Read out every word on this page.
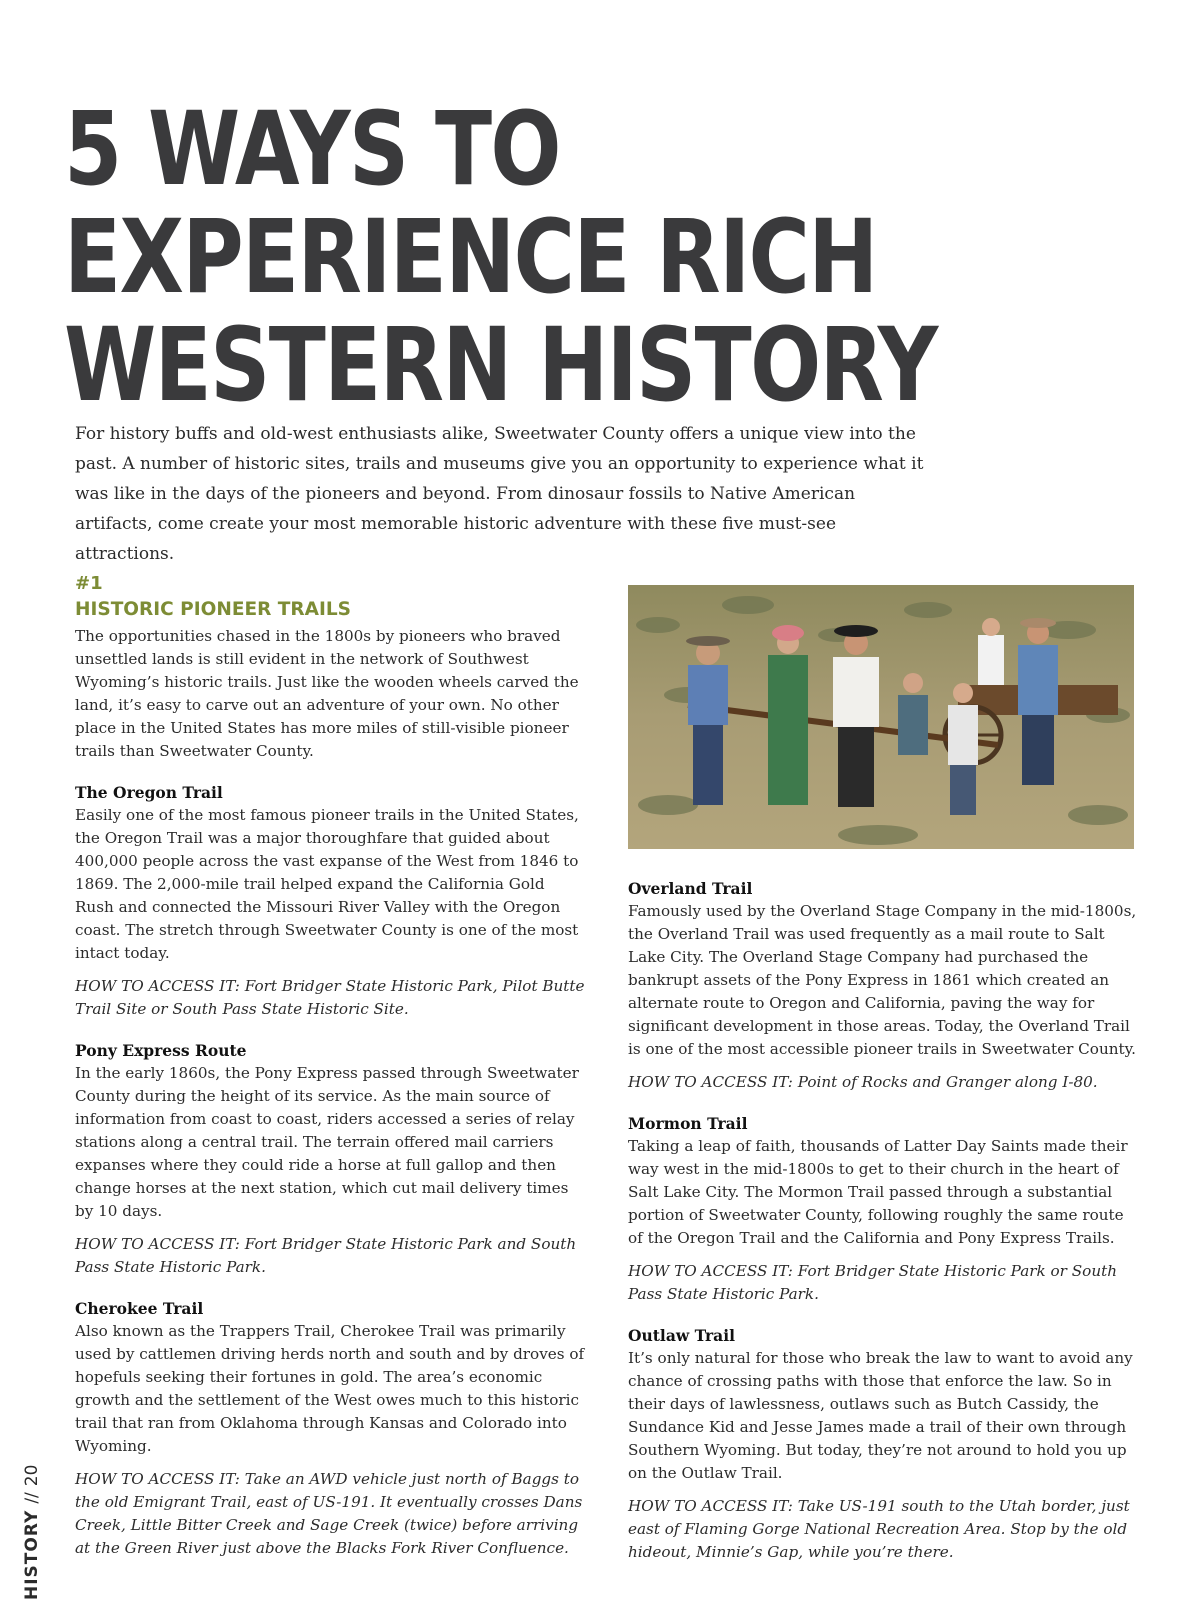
5 WAYS TO
EXPERIENCE RICH
WESTERN HISTORY

For history buffs and old-west enthusiasts alike, Sweetwater County offers a unique view into the past. A number of historic sites, trails and museums give you an opportunity to experience what it was like in the days of the pioneers and beyond. From dinosaur fossils to Native American artifacts, come create your most memorable historic adventure with these five must-see attractions.

#1
HISTORIC PIONEER TRAILS

The opportunities chased in the 1800s by pioneers who braved unsettled lands is still evident in the network of Southwest Wyoming’s historic trails. Just like the wooden wheels carved the land, it’s easy to carve out an adventure of your own. No other place in the United States has more miles of still-visible pioneer trails than Sweetwater County.

The Oregon Trail

Easily one of the most famous pioneer trails in the United States, the Oregon Trail was a major thoroughfare that guided about 400,000 people across the vast expanse of the West from 1846 to 1869. The 2,000-mile trail helped expand the California Gold Rush and connected the Missouri River Valley with the Oregon coast. The stretch through Sweetwater County is one of the most intact today.

HOW TO ACCESS IT: Fort Bridger State Historic Park, Pilot Butte Trail Site or South Pass State Historic Site.

Pony Express Route

In the early 1860s, the Pony Express passed through Sweetwater County during the height of its service. As the main source of information from coast to coast, riders accessed a series of relay stations along a central trail. The terrain offered mail carriers expanses where they could ride a horse at full gallop and then change horses at the next station, which cut mail delivery times by 10 days.

HOW TO ACCESS IT: Fort Bridger State Historic Park and South Pass State Historic Park.

Cherokee Trail

Also known as the Trappers Trail, Cherokee Trail was primarily used by cattlemen driving herds north and south and by droves of hopefuls seeking their fortunes in gold. The area’s economic growth and the settlement of the West owes much to this historic trail that ran from Oklahoma through Kansas and Colorado into Wyoming.

HOW TO ACCESS IT: Take an AWD vehicle just north of Baggs to the old Emigrant Trail, east of US-191. It eventually crosses Dans Creek, Little Bitter Creek and Sage Creek (twice) before arriving at the Green River just above the Blacks Fork River Confluence.

Overland Trail

Famously used by the Overland Stage Company in the mid-1800s, the Overland Trail was used frequently as a mail route to Salt Lake City. The Overland Stage Company had purchased the bankrupt assets of the Pony Express in 1861 which created an alternate route to Oregon and California, paving the way for significant development in those areas. Today, the Overland Trail is one of the most accessible pioneer trails in Sweetwater County.

HOW TO ACCESS IT: Point of Rocks and Granger along I-80.

Mormon Trail

Taking a leap of faith, thousands of Latter Day Saints made their way west in the mid-1800s to get to their church in the heart of Salt Lake City. The Mormon Trail passed through a substantial portion of Sweetwater County, following roughly the same route of the Oregon Trail and the California and Pony Express Trails.

HOW TO ACCESS IT: Fort Bridger State Historic Park or South Pass State Historic Park.

Outlaw Trail

It’s only natural for those who break the law to want to avoid any chance of crossing paths with those that enforce the law. So in their days of lawlessness, outlaws such as Butch Cassidy, the Sundance Kid and Jesse James made a trail of their own through Southern Wyoming. But today, they’re not around to hold you up on the Outlaw Trail.

HOW TO ACCESS IT: Take US-191 south to the Utah border, just east of Flaming Gorge National Recreation Area. Stop by the old hideout, Minnie’s Gap, while you’re there.

HISTORY//20
